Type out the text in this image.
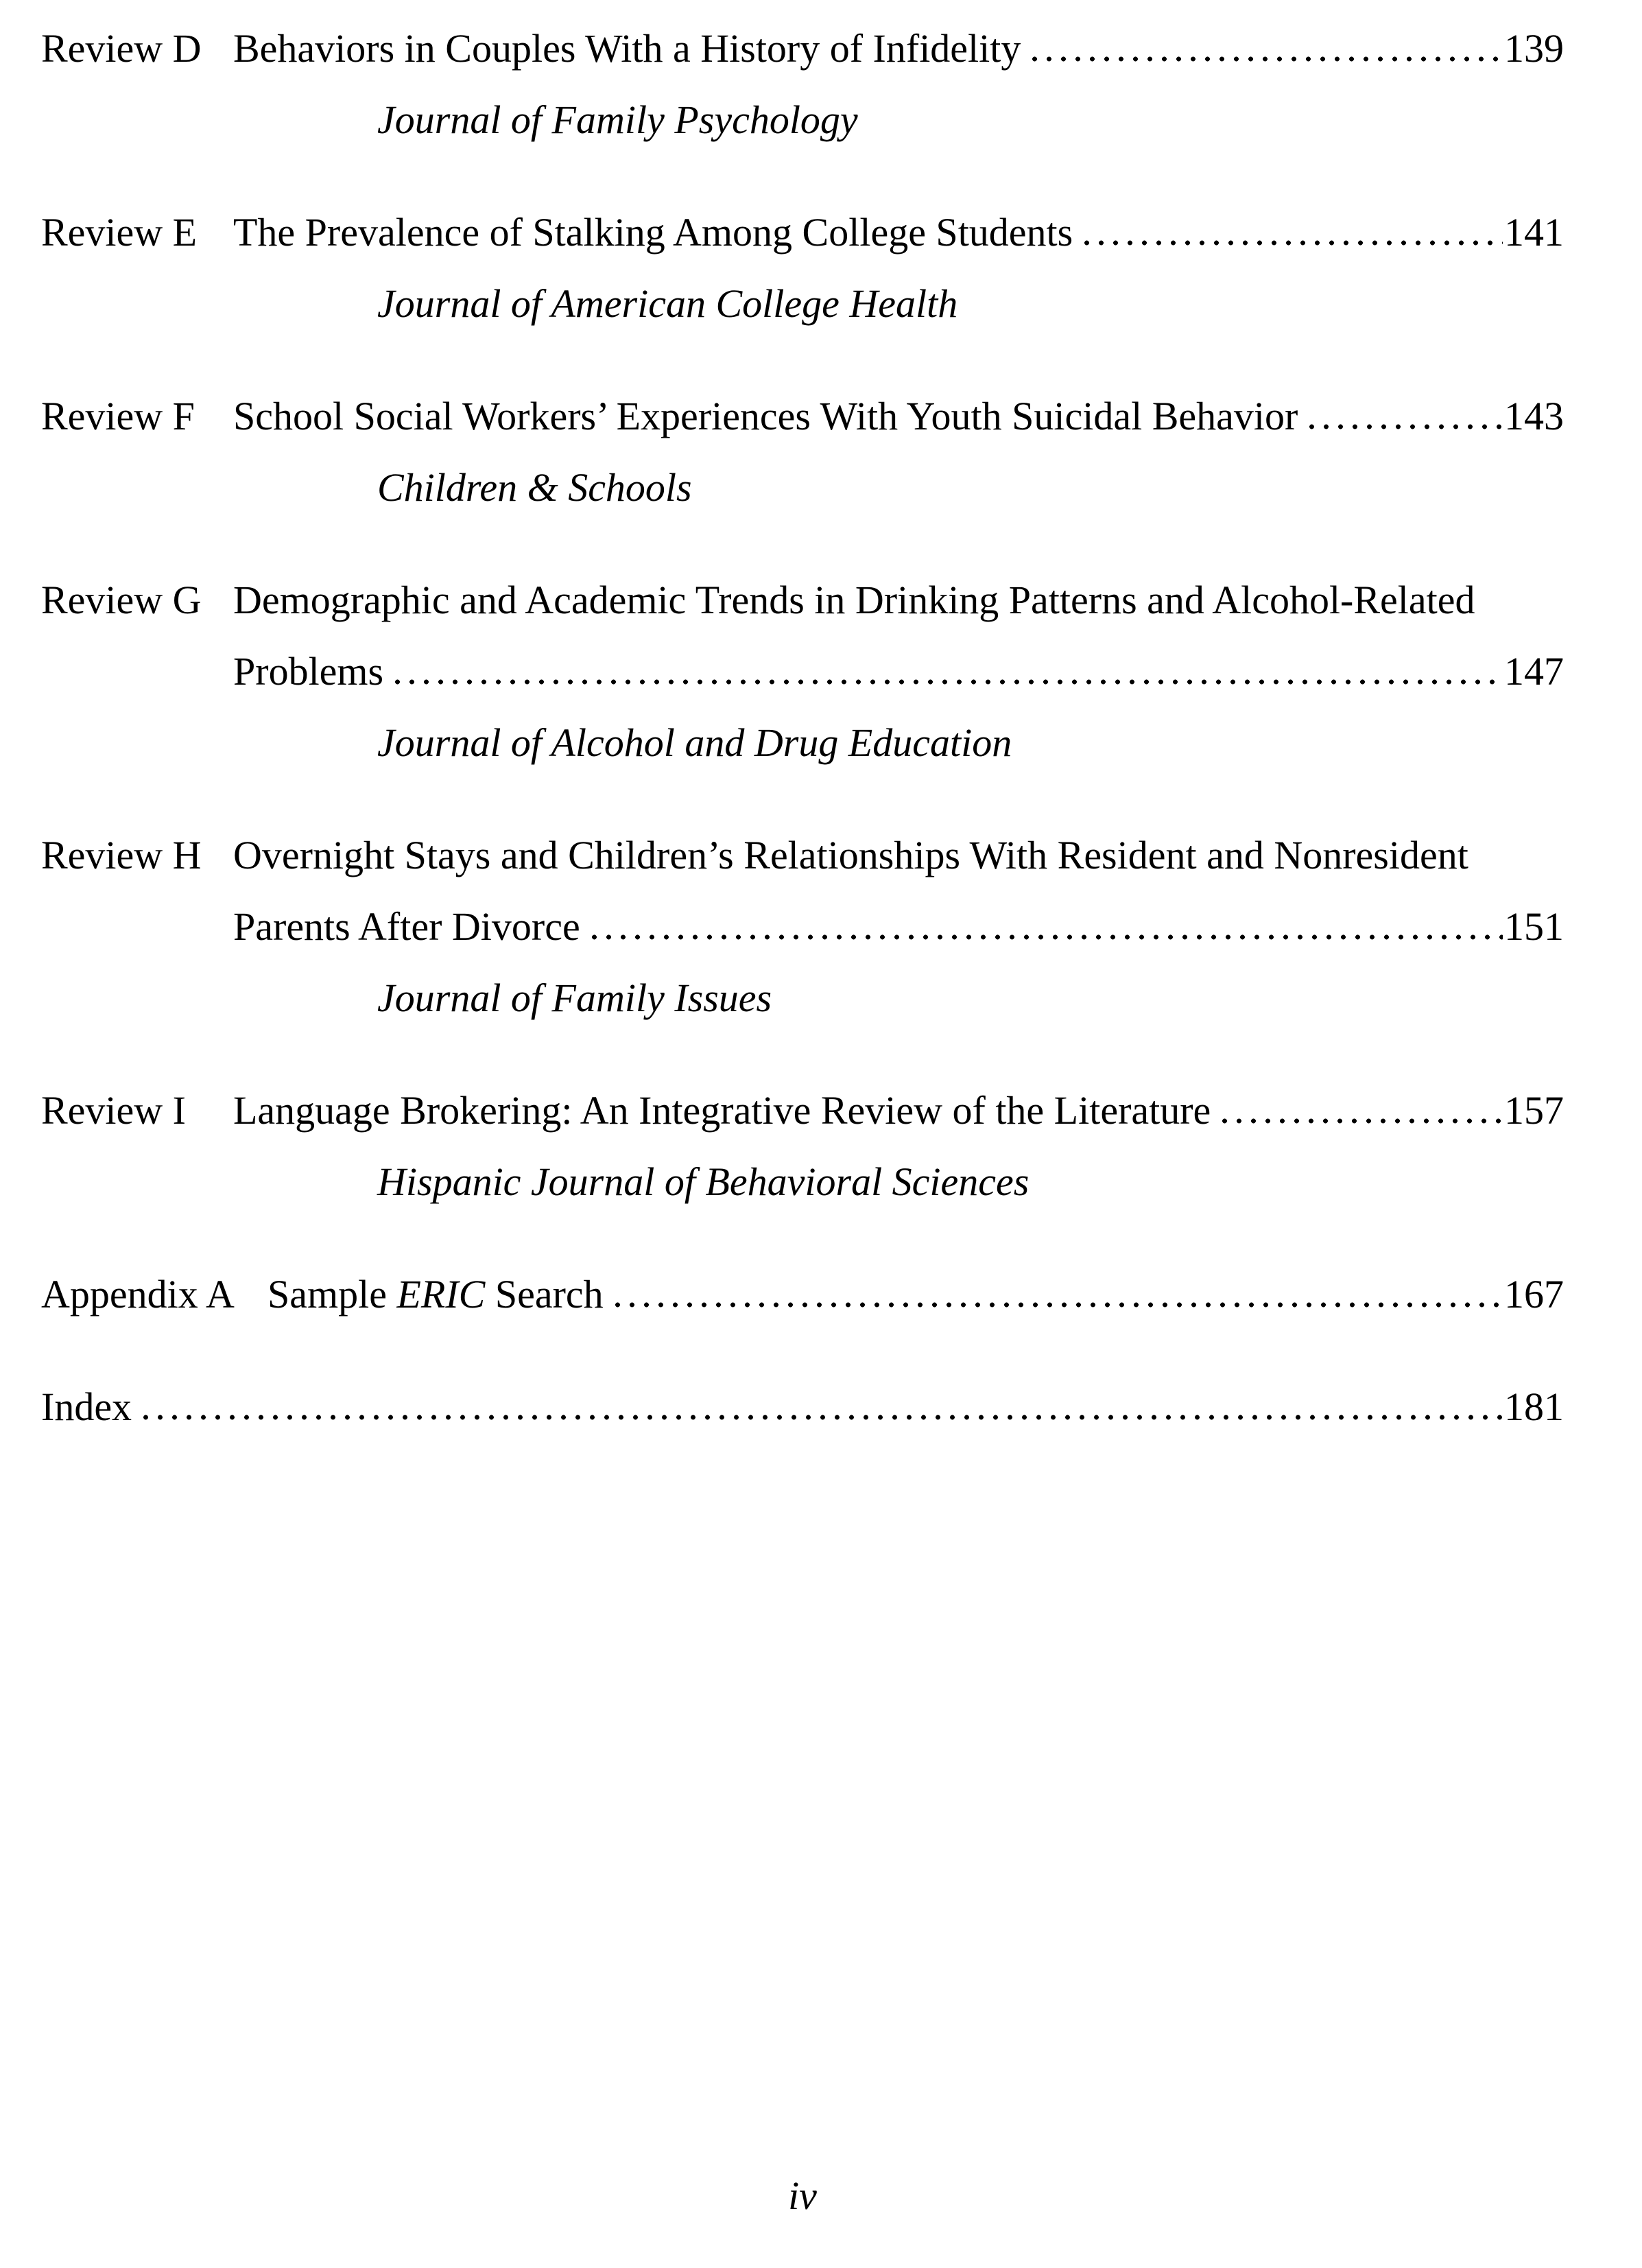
Review D Behaviors in Couples With a History of Infidelity	139
Journal of Family Psychology
Review E The Prevalence of Stalking Among College Students	141
Journal of American College Health
Review F School Social Workers’ Experiences With Youth Suicidal Behavior	143
Children & Schools
Review G Demographic and Academic Trends in Drinking Patterns and Alcohol-Related
Problems	147
Journal of Alcohol and Drug Education
Review H Overnight Stays and Children’s Relationships With Resident and Nonresident
Parents After Divorce	151
Journal of Family Issues
Review I	Language Brokering: An Integrative Review of the Literature	157
Hispanic Journal of Behavioral Sciences
Appendix A Sample ERIC Search	167
Index	181
iv
